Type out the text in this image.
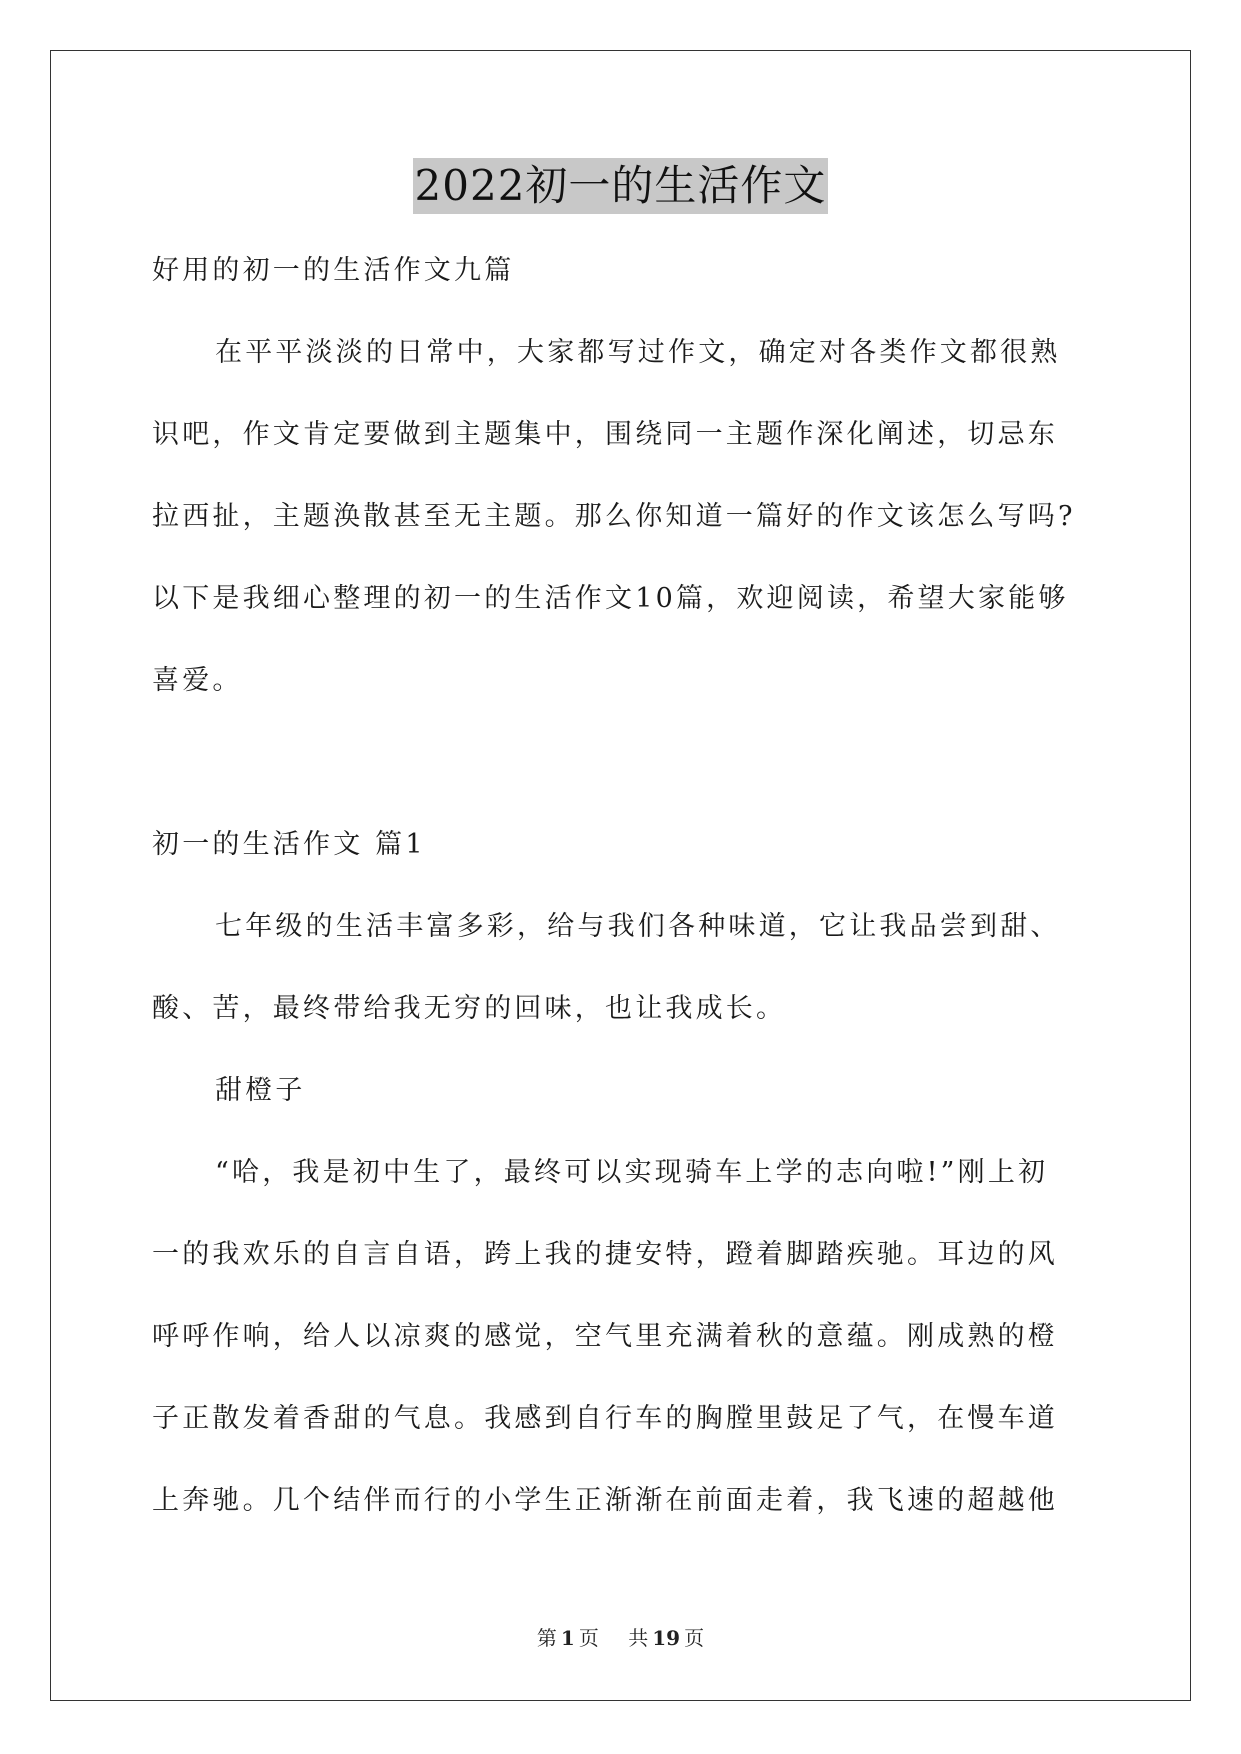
2022初一的生活作文
好用的初一的生活作文九篇
在平平淡淡的日常中，大家都写过作文，确定对各类作文都很熟
识吧，作文肯定要做到主题集中，围绕同一主题作深化阐述，切忌东
拉西扯，主题涣散甚至无主题。那么你知道一篇好的作文该怎么写吗?
以下是我细心整理的初一的生活作文10篇，欢迎阅读，希望大家能够
喜爱。
初一的生活作文 篇1
七年级的生活丰富多彩，给与我们各种味道，它让我品尝到甜、
酸、苦，最终带给我无穷的回味，也让我成长。
甜橙子
“哈，我是初中生了，最终可以实现骑车上学的志向啦!”刚上初
一的我欢乐的自言自语，跨上我的捷安特，蹬着脚踏疾驰。耳边的风
呼呼作响，给人以凉爽的感觉，空气里充满着秋的意蕴。刚成熟的橙
子正散发着香甜的气息。我感到自行车的胸膛里鼓足了气，在慢车道
上奔驰。几个结伴而行的小学生正渐渐在前面走着，我飞速的超越他
第 1 页 共 19 页
